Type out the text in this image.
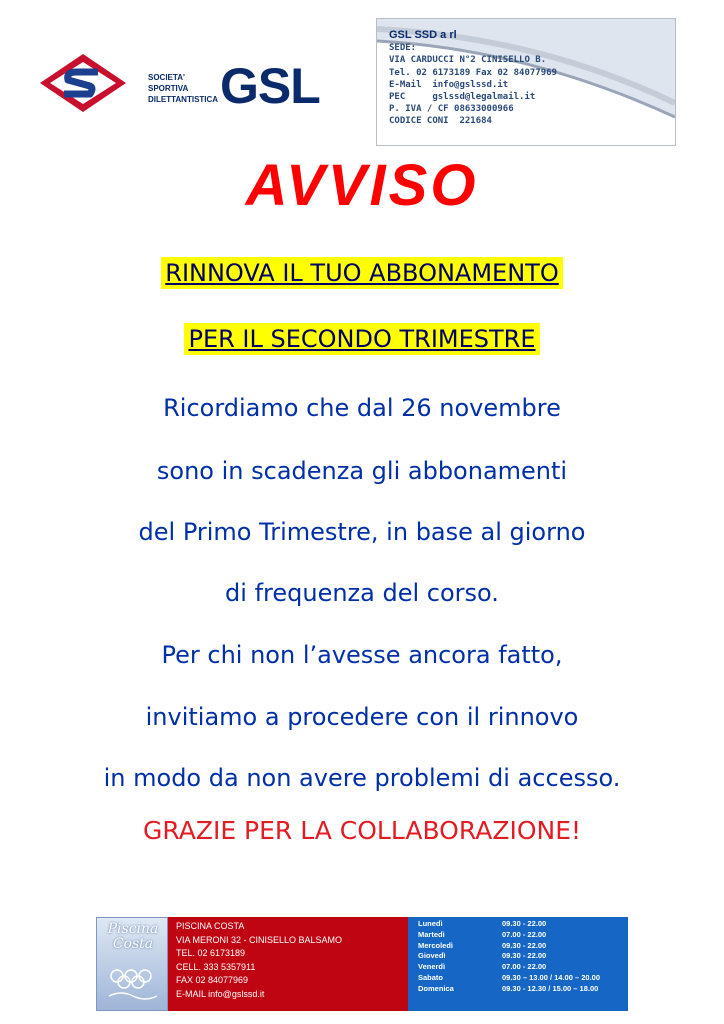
SOCIETA'
SPORTIVA
DILETTANTISTICA GSL
GSL SSD a rl
SEDE:
VIA CARDUCCI N°2 CINISELLO B.
Tel. 02 6173189 Fax 02 84077969
E-Mail  info@gslssd.it
PEC     gslssd@legalmail.it
P. IVA / CF 08633000966
CODICE CONI  221684
AVVISO
RINNOVA IL TUO ABBONAMENTO
PER IL SECONDO TRIMESTRE
Ricordiamo che dal 26 novembre
sono in scadenza gli abbonamenti
del Primo Trimestre, in base al giorno
di frequenza del corso.
Per chi non l’avesse ancora fatto,
invitiamo a procedere con il rinnovo
in modo da non avere problemi di accesso.
GRAZIE PER LA COLLABORAZIONE!
Piscina
Costa
PISCINA COSTA
VIA MERONI 32 - CINISELLO BALSAMO
TEL. 02 6173189
CELL. 333 5357911
FAX 02 84077969
E-MAIL info@gslssd.it
Lunedì	09.30 - 22.00
Martedì	07.00 - 22.00
Mercoledì	09.30 - 22.00
Giovedì	09.30 - 22.00
Venerdì	07.00 - 22.00
Sabato	09.30 – 13.00 / 14.00 – 20.00
Domenica	09.30 - 12.30 / 15.00 – 18.00
